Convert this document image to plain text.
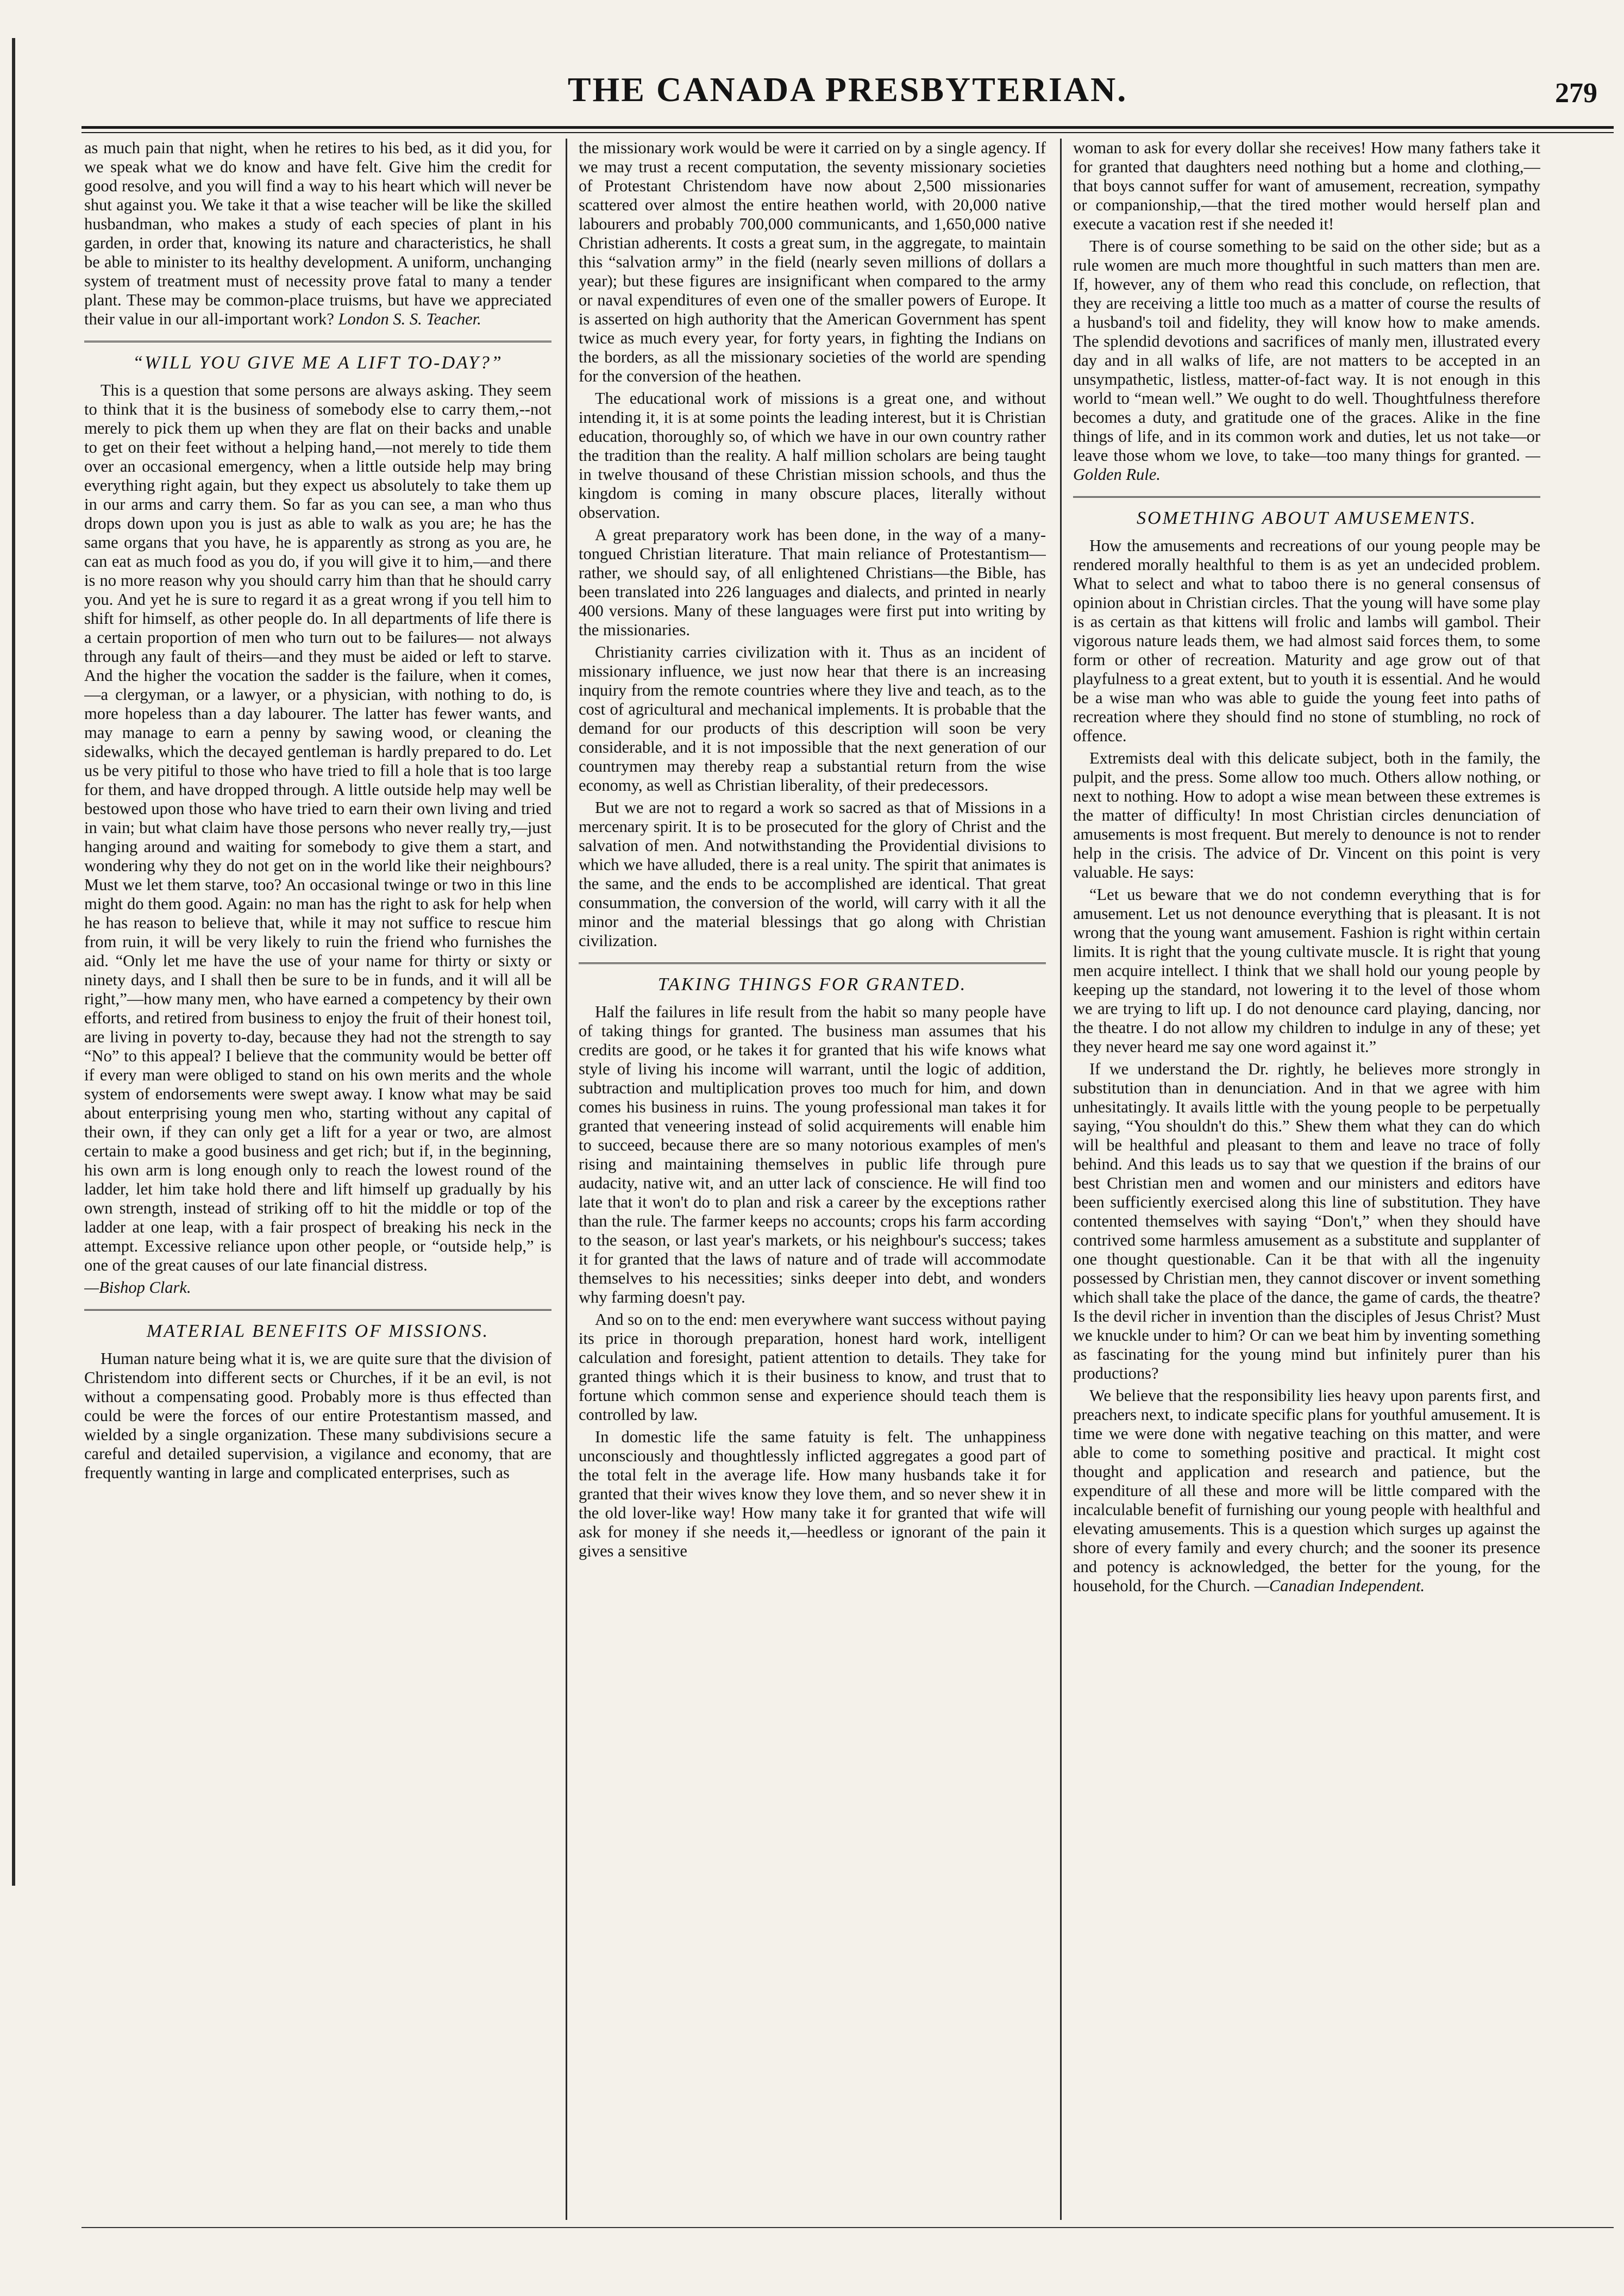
THE CANADA PRESBYTERIAN.	279

as much pain that night, when he retires to his bed, as it did you, for we speak what we do know and have felt. Give him the credit for good resolve, and you will find a way to his heart which will never be shut against you. We take it that a wise teacher will be like the skilled husbandman, who makes a study of each species of plant in his garden, in order that, knowing its nature and characteristics, he shall be able to minister to its healthy development. A uniform, unchanging system of treatment must of necessity prove fatal to many a tender plant. These may be common-place truisms, but have we appreciated their value in our all-important work? London S. S. Teacher.

“WILL YOU GIVE ME A LIFT TO-DAY?”

This is a question that some persons are always asking. They seem to think that it is the business of somebody else to carry them,--not merely to pick them up when they are flat on their backs and unable to get on their feet without a helping hand,—not merely to tide them over an occasional emergency, when a little outside help may bring everything right again, but they expect us absolutely to take them up in our arms and carry them. So far as you can see, a man who thus drops down upon you is just as able to walk as you are; he has the same organs that you have, he is apparently as strong as you are, he can eat as much food as you do, if you will give it to him,—and there is no more reason why you should carry him than that he should carry you. And yet he is sure to regard it as a great wrong if you tell him to shift for himself, as other people do. In all departments of life there is a certain proportion of men who turn out to be failures— not always through any fault of theirs—and they must be aided or left to starve. And the higher the vocation the sadder is the failure, when it comes, —a clergyman, or a lawyer, or a physician, with nothing to do, is more hopeless than a day labourer. The latter has fewer wants, and may manage to earn a penny by sawing wood, or cleaning the sidewalks, which the decayed gentleman is hardly prepared to do. Let us be very pitiful to those who have tried to fill a hole that is too large for them, and have dropped through. A little outside help may well be bestowed upon those who have tried to earn their own living and tried in vain; but what claim have those persons who never really try,—just hanging around and waiting for somebody to give them a start, and wondering why they do not get on in the world like their neighbours? Must we let them starve, too? An occasional twinge or two in this line might do them good. Again: no man has the right to ask for help when he has reason to believe that, while it may not suffice to rescue him from ruin, it will be very likely to ruin the friend who furnishes the aid. “Only let me have the use of your name for thirty or sixty or ninety days, and I shall then be sure to be in funds, and it will all be right,”—how many men, who have earned a competency by their own efforts, and retired from business to enjoy the fruit of their honest toil, are living in poverty to-day, because they had not the strength to say “No” to this appeal? I believe that the community would be better off if every man were obliged to stand on his own merits and the whole system of endorsements were swept away. I know what may be said about enterprising young men who, starting without any capital of their own, if they can only get a lift for a year or two, are almost certain to make a good business and get rich; but if, in the beginning, his own arm is long enough only to reach the lowest round of the ladder, let him take hold there and lift himself up gradually by his own strength, instead of striking off to hit the middle or top of the ladder at one leap, with a fair prospect of breaking his neck in the attempt. Excessive reliance upon other people, or “outside help,” is one of the great causes of our late financial distress.

—Bishop Clark.

MATERIAL BENEFITS OF MISSIONS.

Human nature being what it is, we are quite sure that the division of Christendom into different sects or Churches, if it be an evil, is not without a compensating good. Probably more is thus effected than could be were the forces of our entire Protestantism massed, and wielded by a single organization. These many subdivisions secure a careful and detailed supervision, a vigilance and economy, that are frequently wanting in large and complicated enterprises, such as

the missionary work would be were it carried on by a single agency. If we may trust a recent computation, the seventy missionary societies of Protestant Christendom have now about 2,500 missionaries scattered over almost the entire heathen world, with 20,000 native labourers and probably 700,000 communicants, and 1,650,000 native Christian adherents. It costs a great sum, in the aggregate, to maintain this “salvation army” in the field (nearly seven millions of dollars a year); but these figures are insignificant when compared to the army or naval expenditures of even one of the smaller powers of Europe. It is asserted on high authority that the American Government has spent twice as much every year, for forty years, in fighting the Indians on the borders, as all the missionary societies of the world are spending for the conversion of the heathen.

The educational work of missions is a great one, and without intending it, it is at some points the leading interest, but it is Christian education, thoroughly so, of which we have in our own country rather the tradition than the reality. A half million scholars are being taught in twelve thousand of these Christian mission schools, and thus the kingdom is coming in many obscure places, literally without observation.

A great preparatory work has been done, in the way of a many-tongued Christian literature. That main reliance of Protestantism—rather, we should say, of all enlightened Christians—the Bible, has been translated into 226 languages and dialects, and printed in nearly 400 versions. Many of these languages were first put into writing by the missionaries.

Christianity carries civilization with it. Thus as an incident of missionary influence, we just now hear that there is an increasing inquiry from the remote countries where they live and teach, as to the cost of agricultural and mechanical implements. It is probable that the demand for our products of this description will soon be very considerable, and it is not impossible that the next generation of our countrymen may thereby reap a substantial return from the wise economy, as well as Christian liberality, of their predecessors.

But we are not to regard a work so sacred as that of Missions in a mercenary spirit. It is to be prosecuted for the glory of Christ and the salvation of men. And notwithstanding the Providential divisions to which we have alluded, there is a real unity. The spirit that animates is the same, and the ends to be accomplished are identical. That great consummation, the conversion of the world, will carry with it all the minor and the material blessings that go along with Christian civilization.

TAKING THINGS FOR GRANTED.

Half the failures in life result from the habit so many people have of taking things for granted. The business man assumes that his credits are good, or he takes it for granted that his wife knows what style of living his income will warrant, until the logic of addition, subtraction and multiplication proves too much for him, and down comes his business in ruins. The young professional man takes it for granted that veneering instead of solid acquirements will enable him to succeed, because there are so many notorious examples of men's rising and maintaining themselves in public life through pure audacity, native wit, and an utter lack of conscience. He will find too late that it won't do to plan and risk a career by the exceptions rather than the rule. The farmer keeps no accounts; crops his farm according to the season, or last year's markets, or his neighbour's success; takes it for granted that the laws of nature and of trade will accommodate themselves to his necessities; sinks deeper into debt, and wonders why farming doesn't pay.

And so on to the end: men everywhere want success without paying its price in thorough preparation, honest hard work, intelligent calculation and foresight, patient attention to details. They take for granted things which it is their business to know, and trust that to fortune which common sense and experience should teach them is controlled by law.

In domestic life the same fatuity is felt. The unhappiness unconsciously and thoughtlessly inflicted aggregates a good part of the total felt in the average life. How many husbands take it for granted that their wives know they love them, and so never shew it in the old lover-like way! How many take it for granted that wife will ask for money if she needs it,—heedless or ignorant of the pain it gives a sensitive

woman to ask for every dollar she receives! How many fathers take it for granted that daughters need nothing but a home and clothing,—that boys cannot suffer for want of amusement, recreation, sympathy or companionship,—that the tired mother would herself plan and execute a vacation rest if she needed it!

There is of course something to be said on the other side; but as a rule women are much more thoughtful in such matters than men are. If, however, any of them who read this conclude, on reflection, that they are receiving a little too much as a matter of course the results of a husband's toil and fidelity, they will know how to make amends. The splendid devotions and sacrifices of manly men, illustrated every day and in all walks of life, are not matters to be accepted in an unsympathetic, listless, matter-of-fact way. It is not enough in this world to “mean well.” We ought to do well. Thoughtfulness therefore becomes a duty, and gratitude one of the graces. Alike in the fine things of life, and in its common work and duties, let us not take—or leave those whom we love, to take—too many things for granted. —Golden Rule.

SOMETHING ABOUT AMUSEMENTS.

How the amusements and recreations of our young people may be rendered morally healthful to them is as yet an undecided problem. What to select and what to taboo there is no general consensus of opinion about in Christian circles. That the young will have some play is as certain as that kittens will frolic and lambs will gambol. Their vigorous nature leads them, we had almost said forces them, to some form or other of recreation. Maturity and age grow out of that playfulness to a great extent, but to youth it is essential. And he would be a wise man who was able to guide the young feet into paths of recreation where they should find no stone of stumbling, no rock of offence.

Extremists deal with this delicate subject, both in the family, the pulpit, and the press. Some allow too much. Others allow nothing, or next to nothing. How to adopt a wise mean between these extremes is the matter of difficulty! In most Christian circles denunciation of amusements is most frequent. But merely to denounce is not to render help in the crisis. The advice of Dr. Vincent on this point is very valuable. He says:

“Let us beware that we do not condemn everything that is for amusement. Let us not denounce everything that is pleasant. It is not wrong that the young want amusement. Fashion is right within certain limits. It is right that the young cultivate muscle. It is right that young men acquire intellect. I think that we shall hold our young people by keeping up the standard, not lowering it to the level of those whom we are trying to lift up. I do not denounce card playing, dancing, nor the theatre. I do not allow my children to indulge in any of these; yet they never heard me say one word against it.”

If we understand the Dr. rightly, he believes more strongly in substitution than in denunciation. And in that we agree with him unhesitatingly. It avails little with the young people to be perpetually saying, “You shouldn't do this.” Shew them what they can do which will be healthful and pleasant to them and leave no trace of folly behind. And this leads us to say that we question if the brains of our best Christian men and women and our ministers and editors have been sufficiently exercised along this line of substitution. They have contented themselves with saying “Don't,” when they should have contrived some harmless amusement as a substitute and supplanter of one thought questionable. Can it be that with all the ingenuity possessed by Christian men, they cannot discover or invent something which shall take the place of the dance, the game of cards, the theatre? Is the devil richer in invention than the disciples of Jesus Christ? Must we knuckle under to him? Or can we beat him by inventing something as fascinating for the young mind but infinitely purer than his productions?

We believe that the responsibility lies heavy upon parents first, and preachers next, to indicate specific plans for youthful amusement. It is time we were done with negative teaching on this matter, and were able to come to something positive and practical. It might cost thought and application and research and patience, but the expenditure of all these and more will be little compared with the incalculable benefit of furnishing our young people with healthful and elevating amusements. This is a question which surges up against the shore of every family and every church; and the sooner its presence and potency is acknowledged, the better for the young, for the household, for the Church. —Canadian Independent.
